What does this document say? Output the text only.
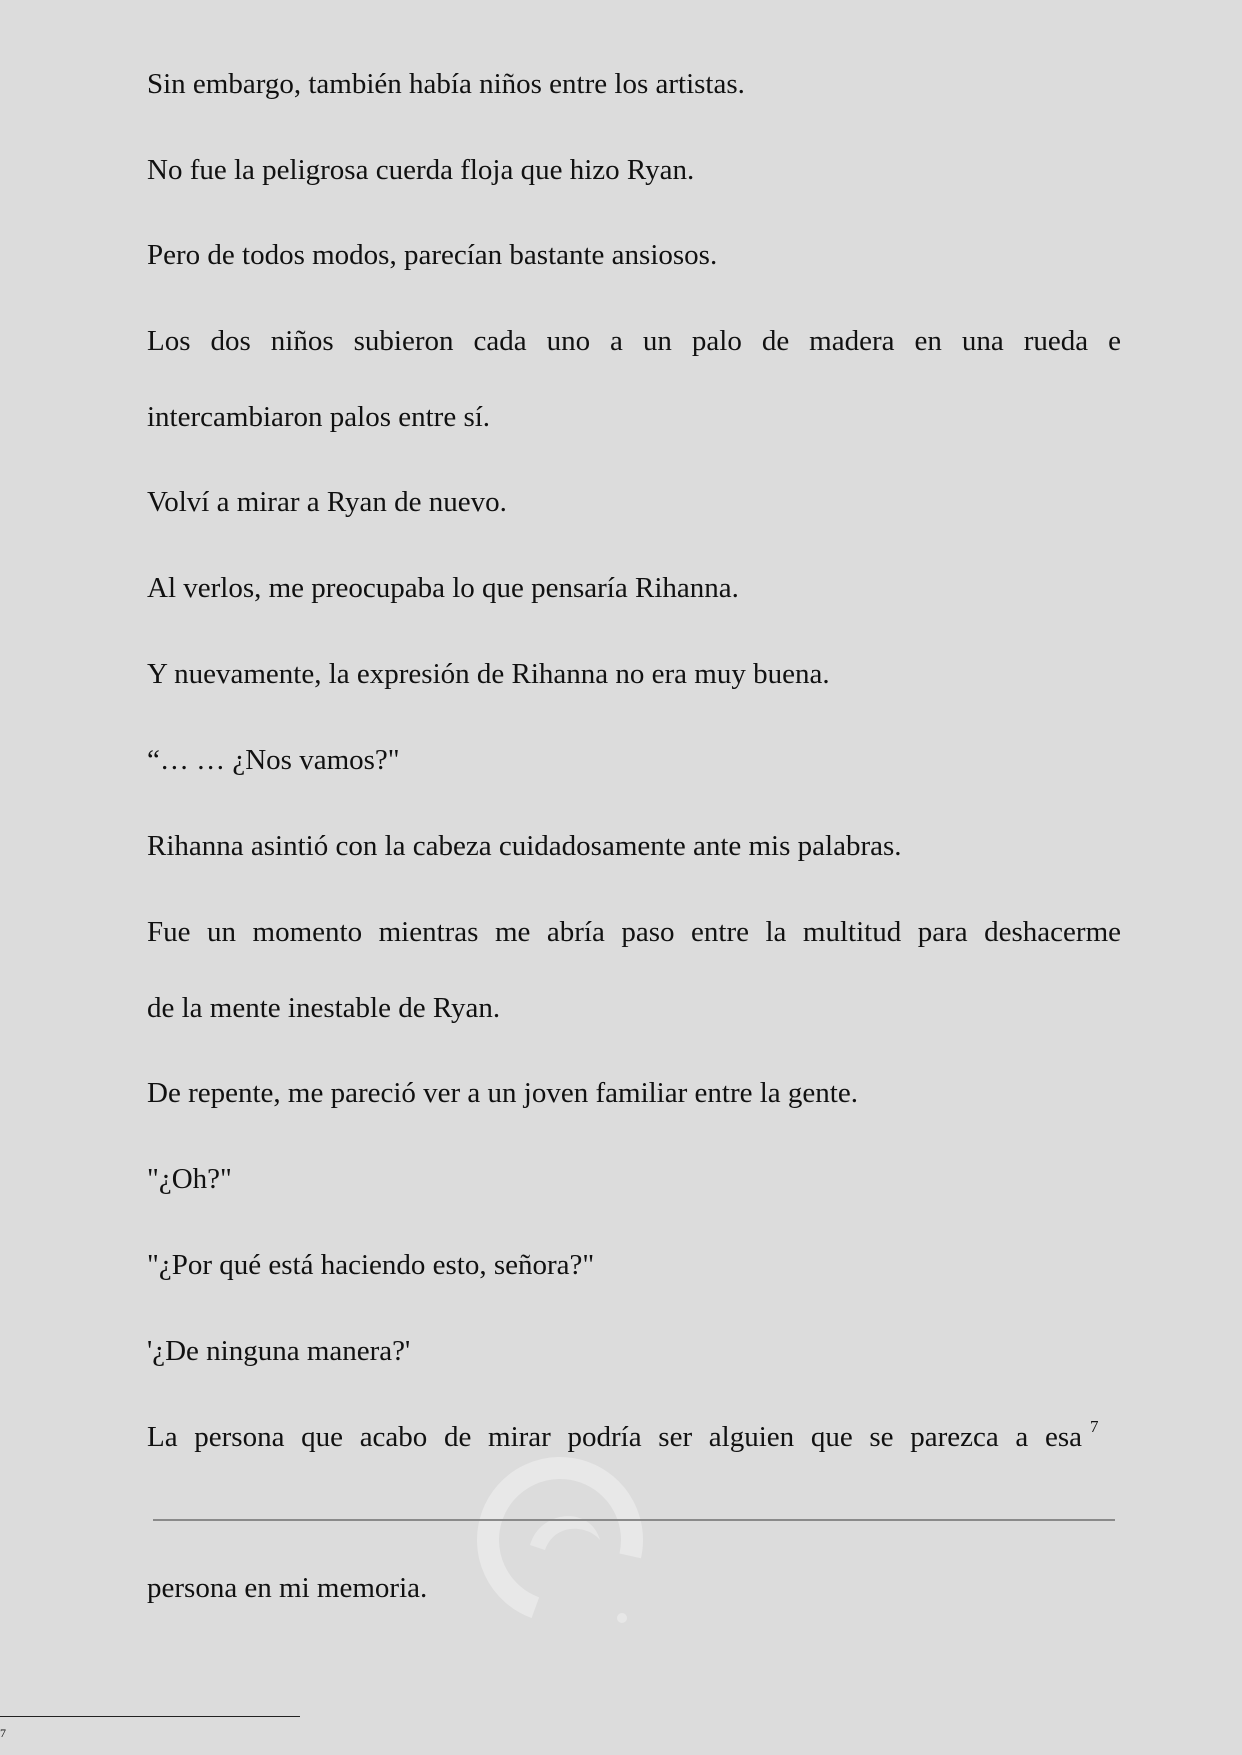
Sin embargo, también había niños entre los artistas.
No fue la peligrosa cuerda floja que hizo Ryan.
Pero de todos modos, parecían bastante ansiosos.
Los dos niños subieron cada uno a un palo de madera en una rueda e
intercambiaron palos entre sí.
Volví a mirar a Ryan de nuevo.
Al verlos, me preocupaba lo que pensaría Rihanna.
Y nuevamente, la expresión de Rihanna no era muy buena.
“… … ¿Nos vamos?"
Rihanna asintió con la cabeza cuidadosamente ante mis palabras.
Fue un momento mientras me abría paso entre la multitud para deshacerme
de la mente inestable de Ryan.
De repente, me pareció ver a un joven familiar entre la gente.
"¿Oh?"
"¿Por qué está haciendo esto, señora?"
'¿De ninguna manera?'
La persona que acabo de mirar podría ser alguien que se parezca a esa $^7$
persona en mi memoria.
7
